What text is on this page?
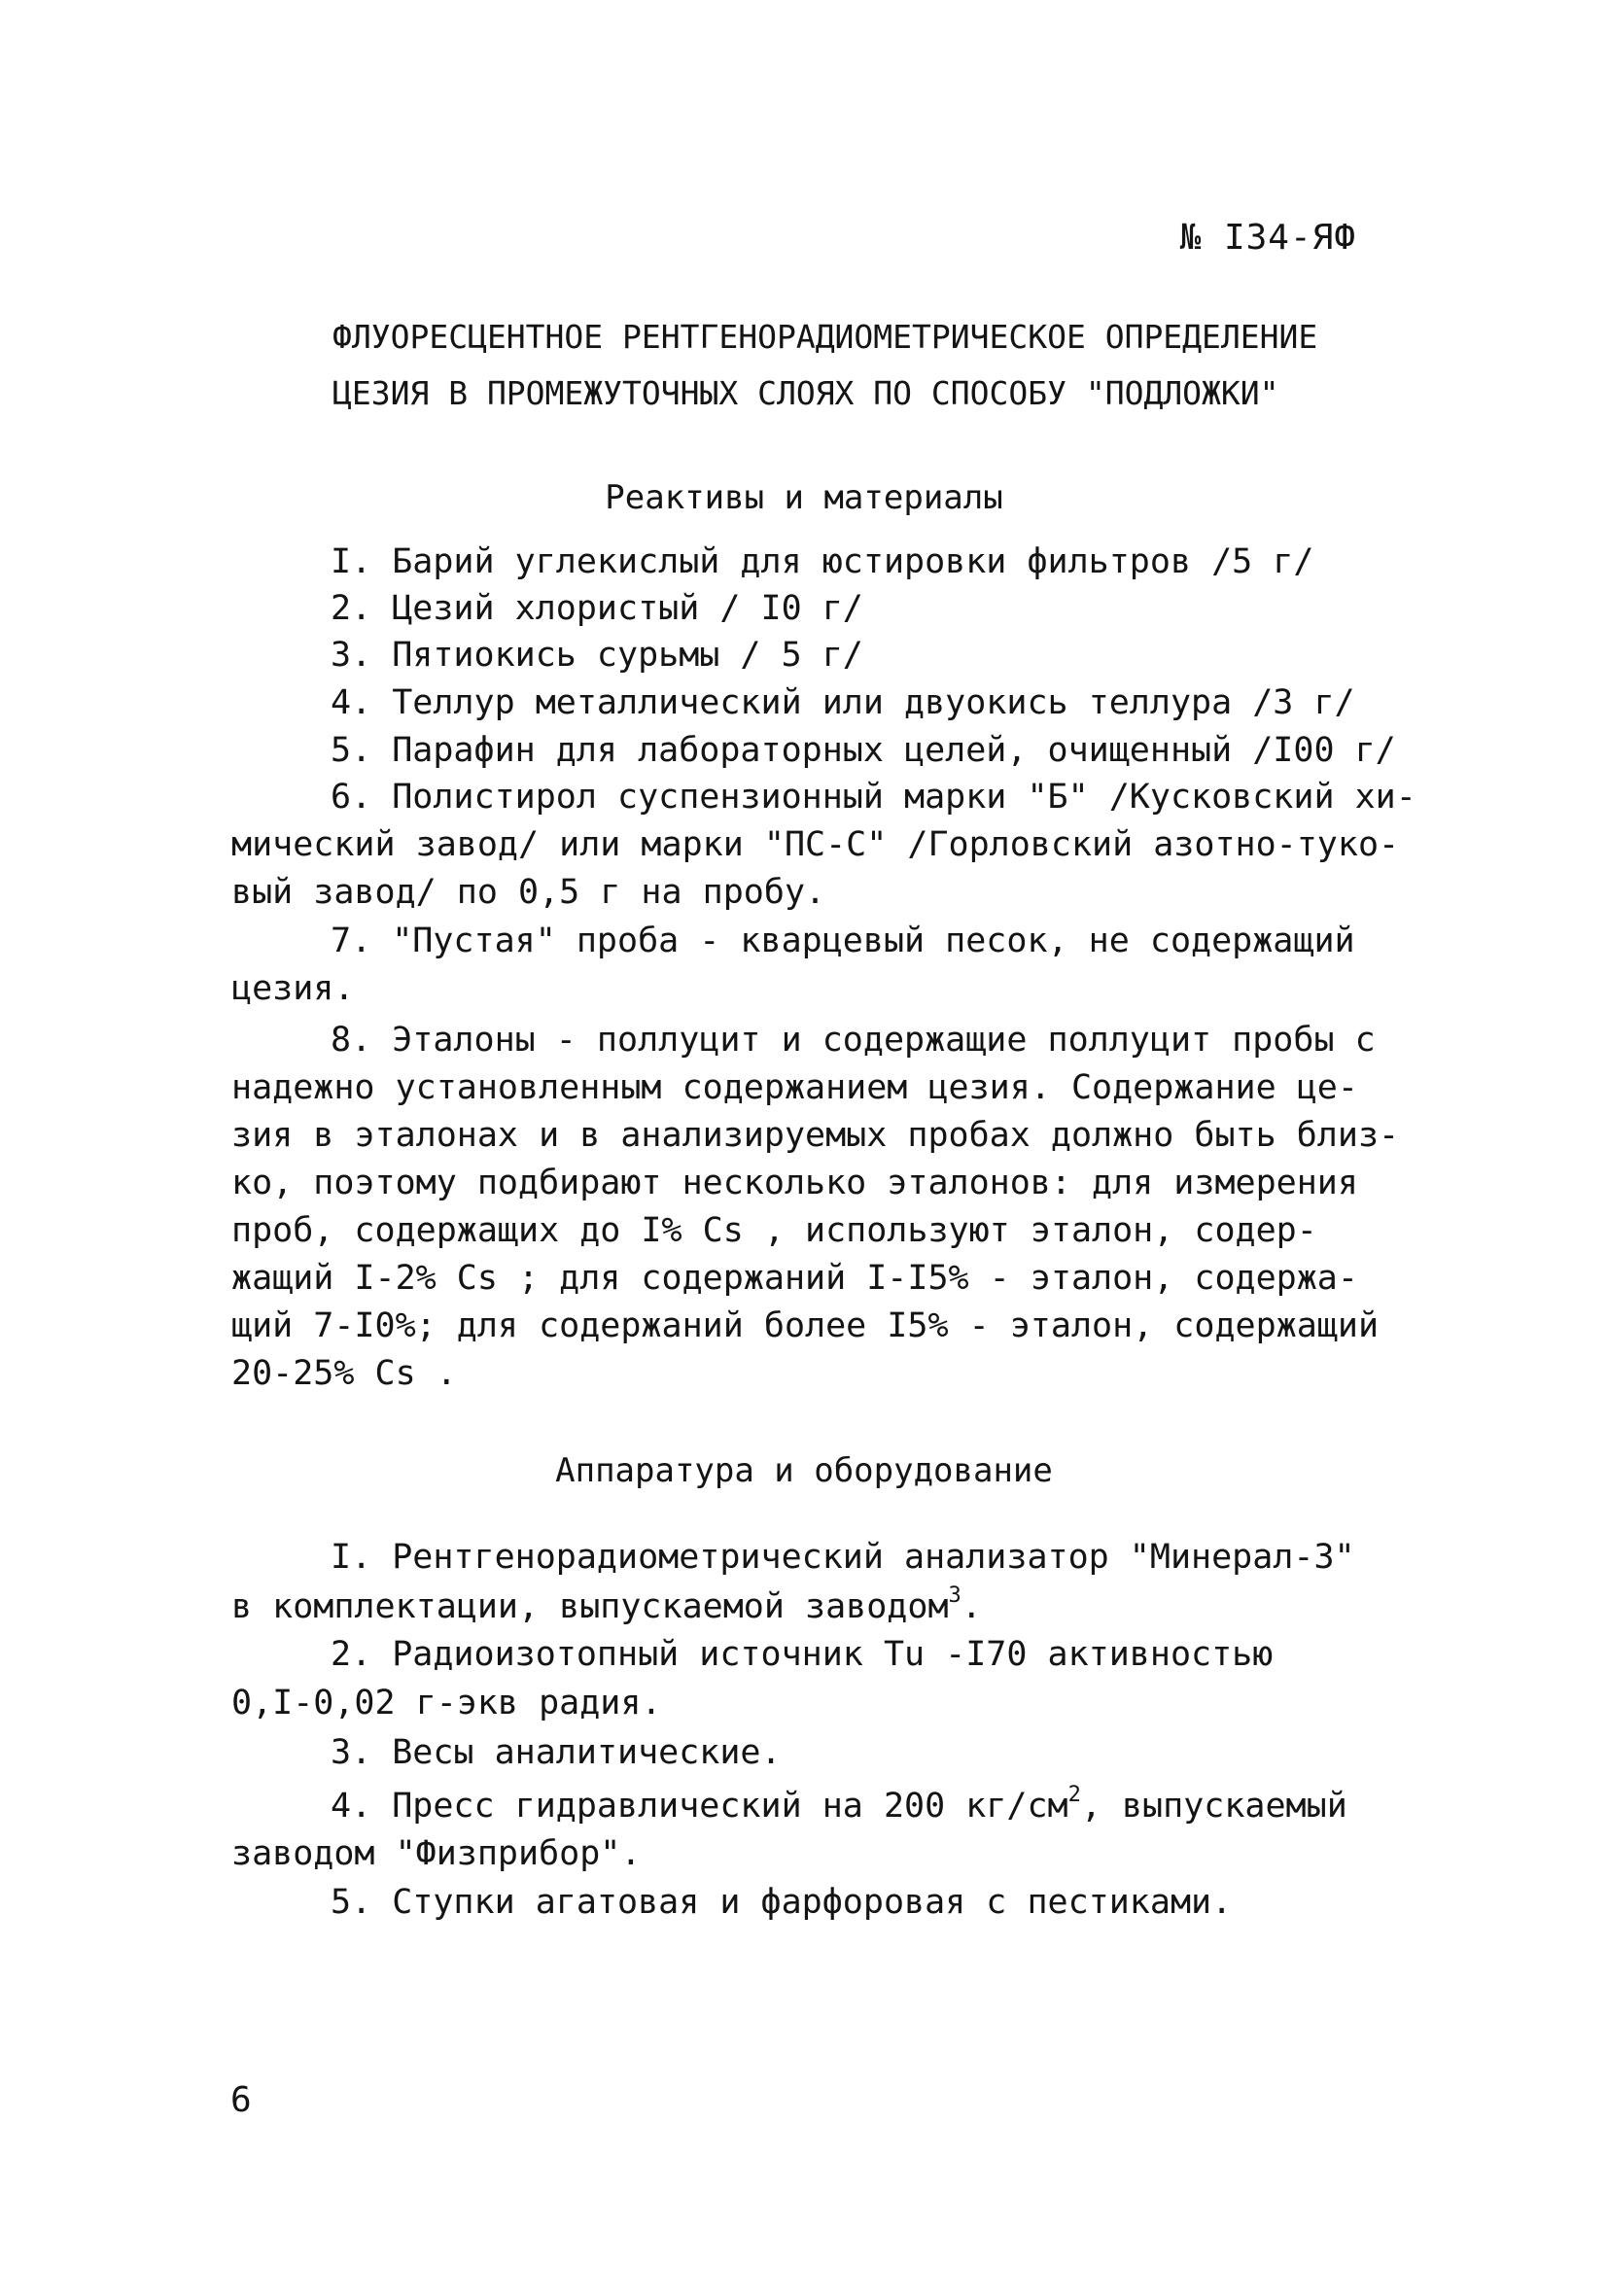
№ I34-ЯФ
ФЛУОРЕСЦЕНТНОЕ РЕНТГЕНОРАДИОМЕТРИЧЕСКОЕ ОПРЕДЕЛЕНИЕ
ЦЕЗИЯ В ПРОМЕЖУТОЧНЫХ СЛОЯХ ПО СПОСОБУ "ПОДЛОЖКИ"
Реактивы и материалы
I. Барий углекислый для юстировки фильтров /5 г/
2. Цезий хлористый / I0 г/
3. Пятиокись сурьмы / 5 г/
4. Теллур металлический или двуокись теллура /3 г/
5. Парафин для лабораторных целей, очищенный /I00 г/
6. Полистирол суспензионный марки "Б" /Кусковский хи-
мический завод/ или марки "ПС-С" /Горловский азотно-туко-
вый завод/ по 0,5 г на пробу.
7. "Пустая" проба - кварцевый песок, не содержащий
цезия.
8. Эталоны - поллуцит и содержащие поллуцит пробы с
надежно установленным содержанием цезия. Содержание це-
зия в эталонах и в анализируемых пробах должно быть близ-
ко, поэтому подбирают несколько эталонов: для измерения
проб, содержащих до I% Cs , используют эталон, содер-
жащий I-2% Cs ; для содержаний I-I5% - эталон, содержа-
щий 7-I0%; для содержаний более I5% - эталон, содержащий
20-25% Cs .
Аппаратура и оборудование
I. Рентгенорадиометрический анализатор "Минерал-3"
в комплектации, выпускаемой заводом$^3$.
2. Радиоизотопный источник Tu -I70 активностью
0,I-0,02 г-экв радия.
3. Весы аналитические.
4. Пресс гидравлический на 200 $кг/см^2$, выпускаемый
заводом "Физприбор".
5. Ступки агатовая и фарфоровая с пестиками.
6
